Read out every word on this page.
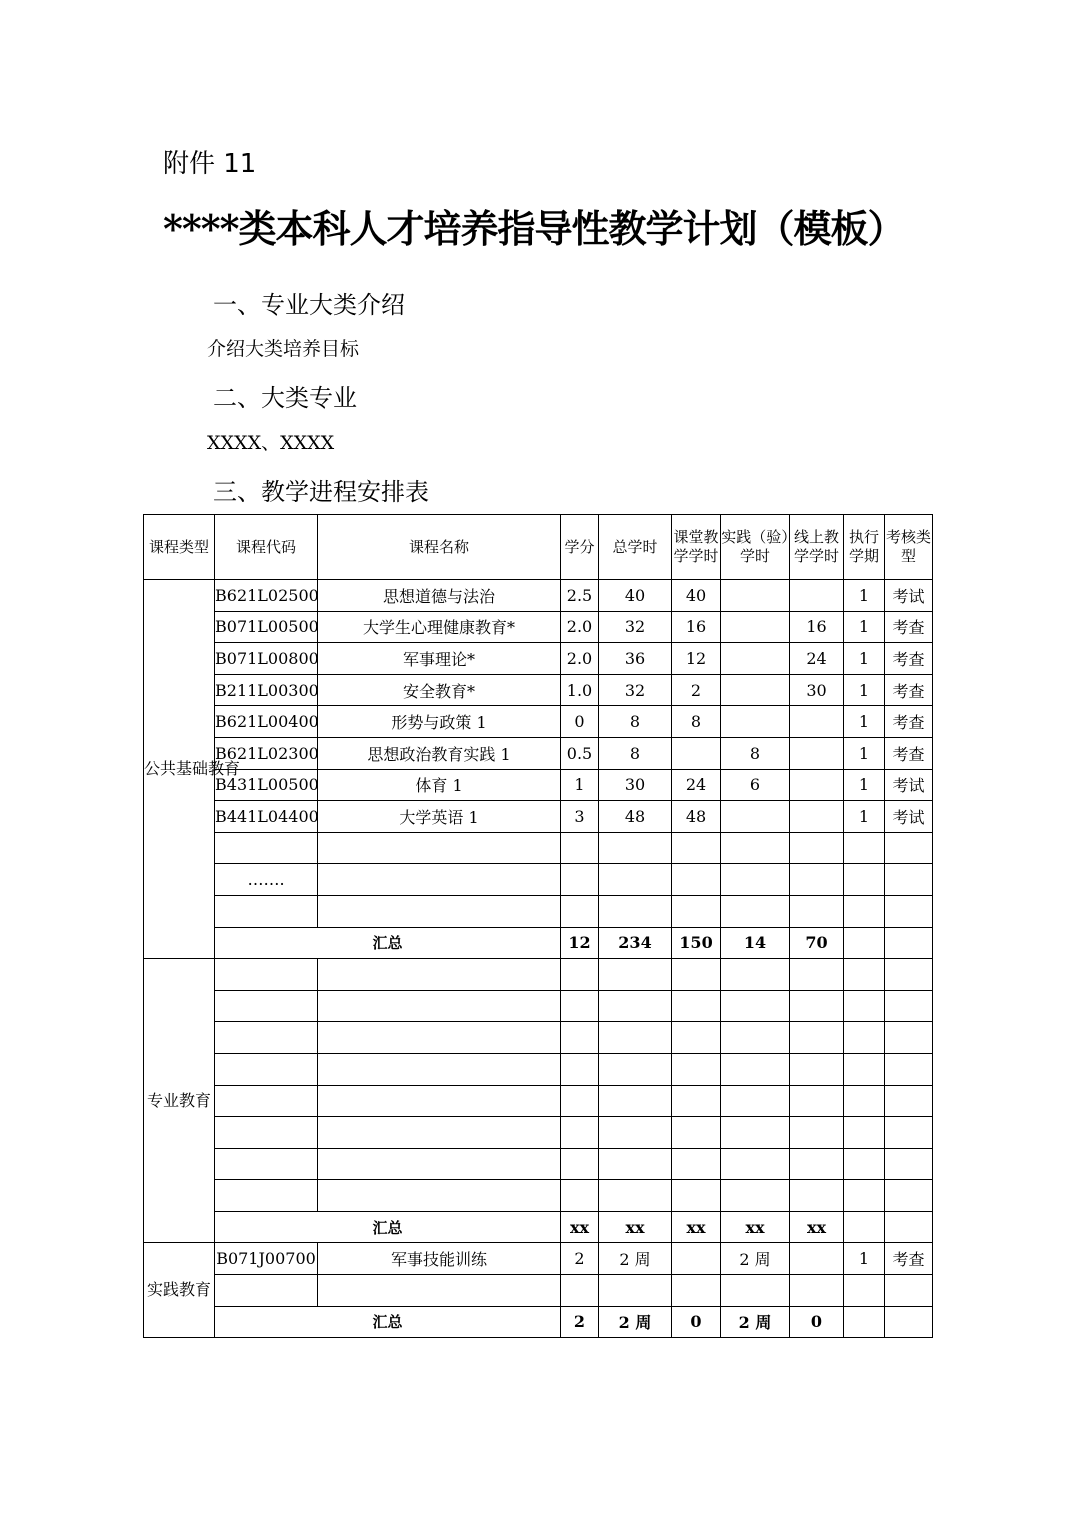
附件 11
****类本科人才培养指导性教学计划（模板）
一、专业大类介绍
介绍大类培养目标
二、大类专业
XXXX、XXXX
三、教学进程安排表
课程类型	课程代码	课程名称	学分	总学时	课堂教学学时	实践（验）学时	线上教学学时	执行学期	考核类型
公共基础教育	B621L02500	思想道德与法治	2.5	40	40			1	考试
	B071L00500	大学生心理健康教育*	2.0	32	16		16	1	考查
	B071L00800	军事理论*	2.0	36	12		24	1	考查
	B211L00300	安全教育*	1.0	32	2		30	1	考查
	B621L00400	形势与政策 1	0	8	8			1	考查
	B621L02300	思想政治教育实践 1	0.5	8		8		1	考查
	B431L00500	体育 1	1	30	24	6		1	考试
	B441L04400	大学英语 1	3	48	48			1	考试

	…….								

	汇总		12	234	150	14	70		
专业教育									

	汇总		xx	xx	xx	xx	xx		
实践教育	B071J00700	军事技能训练	2	2 周		2 周		1	考查

	汇总		2	2 周	0	2 周	0		
